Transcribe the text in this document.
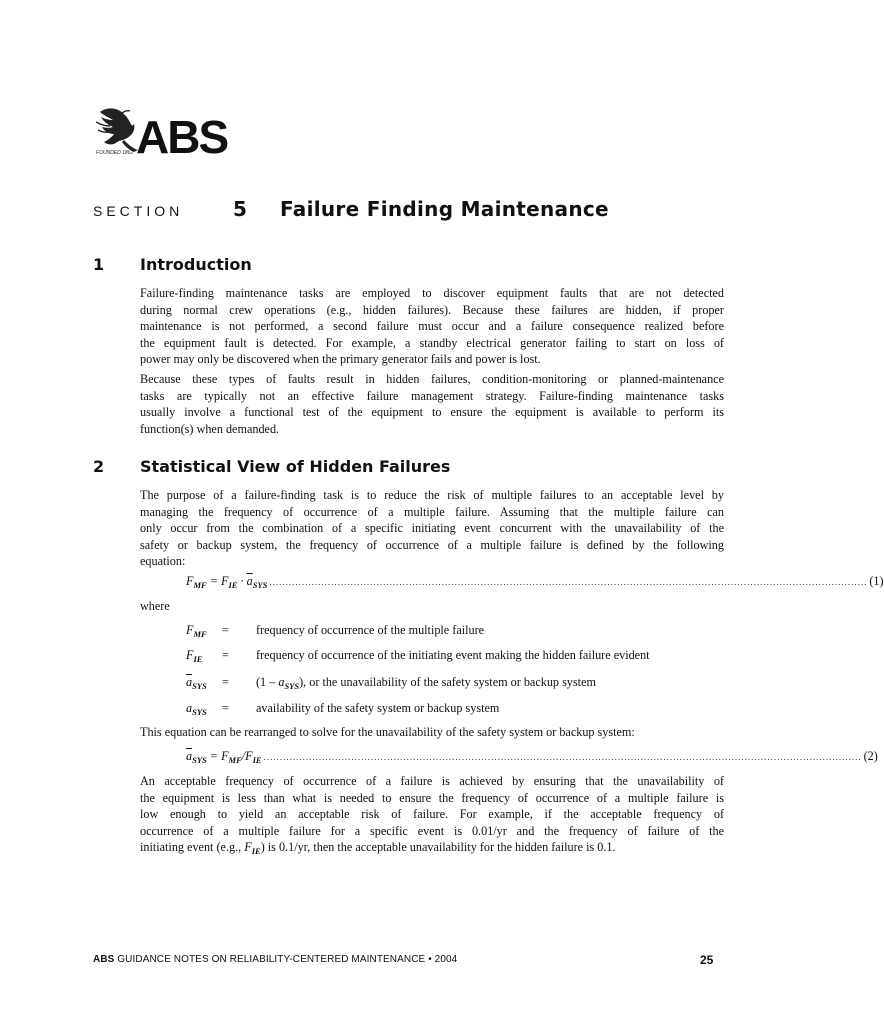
FOUNDED 1862 ABS
SECTION 5 Failure Finding Maintenance
1 Introduction
Failure-finding maintenance tasks are employed to discover equipment faults that are not detected
during normal crew operations (e.g., hidden failures). Because these failures are hidden, if proper
maintenance is not performed, a second failure must occur and a failure consequence realized before
the equipment fault is detected. For example, a standby electrical generator failing to start on loss of
power may only be discovered when the primary generator fails and power is lost.
Because these types of faults result in hidden failures, condition-monitoring or planned-maintenance
tasks are typically not an effective failure management strategy. Failure-finding maintenance tasks
usually involve a functional test of the equipment to ensure the equipment is available to perform its
function(s) when demanded.
2 Statistical View of Hidden Failures
The purpose of a failure-finding task is to reduce the risk of multiple failures to an acceptable level by
managing the frequency of occurrence of a multiple failure. Assuming that the multiple failure can
only occur from the combination of a specific initiating event concurrent with the unavailability of the
safety or backup system, the frequency of occurrence of a multiple failure is defined by the following
equation:
$F_{MF} = F_{IE} \cdot \overline{a}_{SYS}$ ........................................................................................................................................................................................ (1)
where
$F_{MF}$ = frequency of occurrence of the multiple failure
$F_{IE}$ = frequency of occurrence of the initiating event making the hidden failure evident
$\overline{a}_{SYS} = (1 - a_{SYS})$, or the unavailability of the safety system or backup system
$a_{SYS}$ = availability of the safety system or backup system
This equation can be rearranged to solve for the unavailability of the safety system or backup system:
$\overline{a}_{SYS} = F_{MF}/F_{IE}$ ........................................................................................................................................................................................ (2)
An acceptable frequency of occurrence of a failure is achieved by ensuring that the unavailability of
the equipment is less than what is needed to ensure the frequency of occurrence of a multiple failure is
low enough to yield an acceptable risk of failure. For example, if the acceptable frequency of
occurrence of a multiple failure for a specific event is 0.01/yr and the frequency of failure of the
initiating event (e.g., $F_{IE}$) is 0.1/yr, then the acceptable unavailability for the hidden failure is 0.1.
ABS GUIDANCE NOTES ON RELIABILITY-CENTERED MAINTENANCE • 2004	25
